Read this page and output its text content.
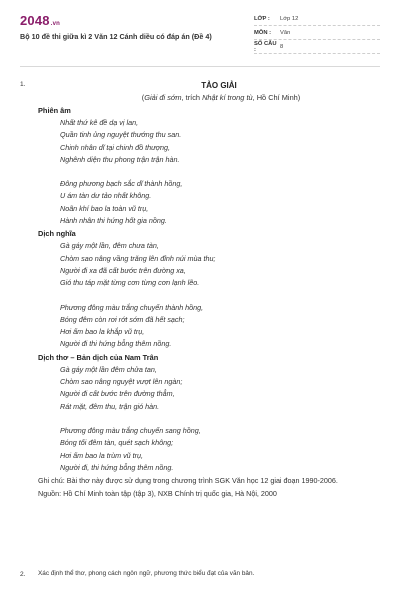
2048.vn
Bộ 10 đề thi giữa kì 2 Văn 12 Cánh diều có đáp án (Đề 4)
LỚP :	Lớp 12
MÔN :	Văn
SỐ CÂU :	8
1.	TẢO GIẢI
(Giải đi sớm, trích Nhật kí trong tù, Hồ Chí Minh)
Phiên âm
Nhất thứ kê đề dạ vị lan,
Quần tinh ủng nguyệt thướng thu san.
Chinh nhân dĩ tại chinh đồ thượng,
Nghênh diện thu phong trận trận hàn.
Đông phương bạch sắc dĩ thành hồng,
U ám tàn dư tảo nhất không.
Noãn khí bao la toàn vũ trụ,
Hành nhân thi hứng hốt gia nồng.
Dịch nghĩa
Gà gáy một lần, đêm chưa tàn,
Chòm sao nâng vầng trăng lên đỉnh núi mùa thu;
Người đi xa đã cất bước trên đường xa,
Gió thu táp mặt từng cơn từng cơn lạnh lẽo.
Phương đông màu trắng chuyển thành hồng,
Bóng đêm còn rơi rớt sớm đã hết sạch;
Hơi ấm bao la khắp vũ trụ,
Người đi thi hứng bỗng thêm nồng.
Dịch thơ – Bản dịch của Nam Trân
Gà gáy một lần đêm chửa tan,
Chòm sao nâng nguyệt vượt lên ngàn;
Người đi cất bước trên đường thẳm,
Rát mặt, đêm thu, trận gió hàn.
Phương đông màu trắng chuyển sang hồng,
Bóng tối đêm tàn, quét sạch không;
Hơi ấm bao la trùm vũ trụ,
Người đi, thi hứng bỗng thêm nồng.
Ghi chú: Bài thơ này được sử dụng trong chương trình SGK Văn học 12 giai đoạn 1990-2006.
Nguồn: Hồ Chí Minh toàn tập (tập 3), NXB Chính trị quốc gia, Hà Nội, 2000
2. Xác định thể thơ, phong cách ngôn ngữ, phương thức biểu đạt của văn bản.
